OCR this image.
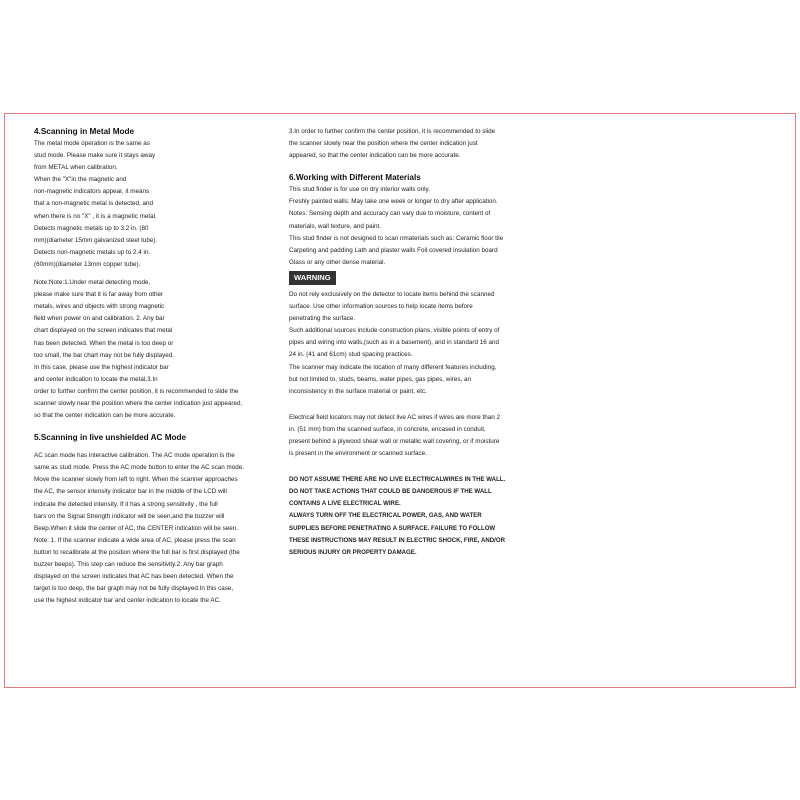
4.Scanning in Metal Mode
The metal mode operation is the same as
stud mode. Please make sure it stays away
from METAL when calibration.
When the "X"in the magnetic and
non-magnetic indicators appear, it means
that a non-magnetic metal is detected, and
when there is no "X" , it is a magnetic metal.
Detects magnetic metals up to 3.2 in. (80
mm)(diameter 15mm galvanized steel tube).
Detects non-magnetic metals up to 2.4 in.
(60mm)(diameter 13mm copper tube).
Note:Note:1.Under metal detecting mode,
please make sure that it is far away from other
metals, wires and objects with strong magnetic
field when power on and calibration. 2. Any bar
chart displayed on the screen indicates that metal
has been detected. When the metal is too deep or
too small, the bar chart may not be fully displayed.
In this case, please use the highest indicator bar
and center indication to locate the metal.3.In
order to further confirm the center position, it is recommended to slide the
scanner slowly near the position where the center indication just appeared,
so that the center indication can be more accurate.
5.Scanning in live unshielded AC Mode
AC scan mode has interactive calibration. The AC mode operation is the
same as stud mode. Press the AC mode button to enter the AC scan mode.
Move the scanner slowly from left to right. When the scanner approaches
the AC, the sensor intensity indicator bar in the middle of the LCD will
indicate the detected intensity. If it has a strong sensitivity , the full
bars on the Signal Strength indicator will be seen,and the buzzer will
Beep.When it slide the center of AC, the CENTER indication will be seen.
Note: 1. If the scanner indicate a wide area of AC, please press the scan
button to recalibrate at the position where the full bar is first displayed (the
buzzer beeps). This step can reduce the sensitivity.2. Any bar graph
displayed on the screen indicates that AC has been detected. When the
target is too deep, the bar graph may not be fully displayed.In this case,
use the highest indicator bar and center indication to locate the AC.
3.In order to further confirm the center position, it is recommended to slide
the scanner slowly near the position where the center indication just
appeared, so that the center indication can be more accurate.
6.Working with Different Materials
This stud finder is for use on dry interior walls only.
Freshly painted walls: May take one week or longer to dry after application.
Notes: Sensing depth and accuracy can vary due to moisture, content of
materials, wall texture, and paint.
This stud finder is not designed to scan nmaterials such as: Ceramic floor tile
Carpeting and padding Lath and plaster walls Foil covered insulation board
Glass or any other dense material.
WARNING
Do not rely exclusively on the detector to locate items behind the scanned
surface. Use other information sources to help locate items before
penetrating the surface.
Such additional sources include construction plans, visible points of entry of
pipes and wiring into walls,(such as in a basement), and in standard 16 and
24 in. (41 and 61cm) stud spacing practices.
The scanner may indicate the location of many different features including,
but not limited to, studs, beams, water pipes, gas pipes, wires, an
inconsistency in the surface material or paint, etc.
Electrical field locators may not detect live AC wires if wires are more than 2
in. (51 mm) from the scanned surface, in concrete, encased in conduit,
present behind a plywood shear wall or metallic wall covering, or if moisture
is present in the environment or scanned surface.
DO NOT ASSUME THERE ARE NO LIVE ELECTRICALWIRES IN THE WALL.
DO NOT TAKE ACTIONS THAT COULD BE DANGEROUS IF THE WALL
CONTAINS A LIVE ELECTRICAL WIRE.
ALWAYS TURN OFF THE ELECTRICAL POWER, GAS, AND WATER
SUPPLIES BEFORE PENETRATING A SURFACE. FAILURE TO FOLLOW
THESE INSTRUCTIONS MAY RESULT IN ELECTRIC SHOCK, FIRE, AND/OR
SERIOUS INJURY OR PROPERTY DAMAGE.
